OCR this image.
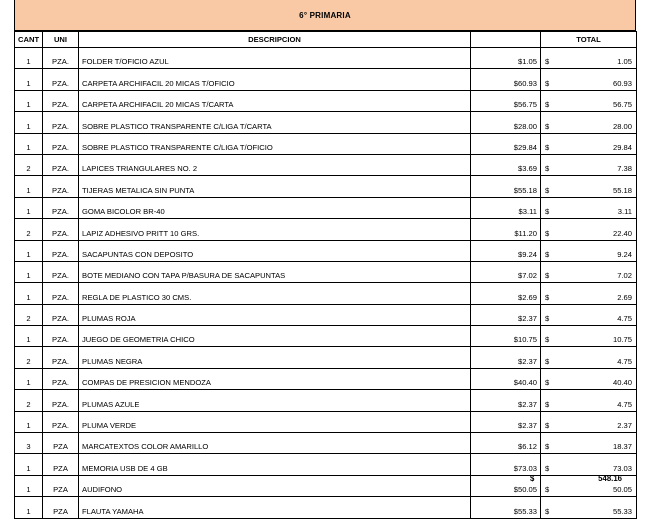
6° PRIMARIA
CANT	UNI	DESCRIPCION		TOTAL
1	PZA.	FOLDER T/OFICIO AZUL	$1.05	$ 1.05

1	PZA.	CARPETA ARCHIFACIL 20 MICAS T/OFICIO	$60.93	$ 60.93

1	PZA.	CARPETA ARCHIFACIL 20 MICAS T/CARTA	$56.75	$ 56.75

1	PZA.	SOBRE PLASTICO TRANSPARENTE C/LIGA T/CARTA	$28.00	$ 28.00

1	PZA.	SOBRE PLASTICO TRANSPARENTE C/LIGA T/OFICIO	$29.84	$ 29.84

2	PZA.	LAPICES TRIANGULARES NO. 2	$3.69	$ 7.38

1	PZA.	TIJERAS METALICA SIN PUNTA	$55.18	$ 55.18

1	PZA.	GOMA BICOLOR BR-40	$3.11	$ 3.11

2	PZA.	LAPIZ ADHESIVO PRITT 10 GRS.	$11.20	$ 22.40

1	PZA.	SACAPUNTAS CON DEPOSITO	$9.24	$ 9.24

1	PZA.	BOTE MEDIANO CON TAPA P/BASURA DE SACAPUNTAS	$7.02	$ 7.02

1	PZA.	REGLA DE PLASTICO 30 CMS.	$2.69	$ 2.69

2	PZA.	PLUMAS ROJA	$2.37	$ 4.75

1	PZA.	JUEGO DE GEOMETRIA CHICO	$10.75	$ 10.75

2	PZA.	PLUMAS NEGRA	$2.37	$ 4.75

1	PZA.	COMPAS DE PRESICION MENDOZA	$40.40	$ 40.40

2	PZA.	PLUMAS AZULE	$2.37	$ 4.75

1	PZA.	PLUMA VERDE	$2.37	$ 2.37

3	PZA	MARCATEXTOS COLOR AMARILLO	$6.12	$ 18.37

1	PZA	MEMORIA USB DE 4 GB	$73.03	$ 73.03

1	PZA	AUDIFONO	$50.05	$ 50.05

1	PZA	FLAUTA YAMAHA	$55.33	$ 55.33
$	548.16
